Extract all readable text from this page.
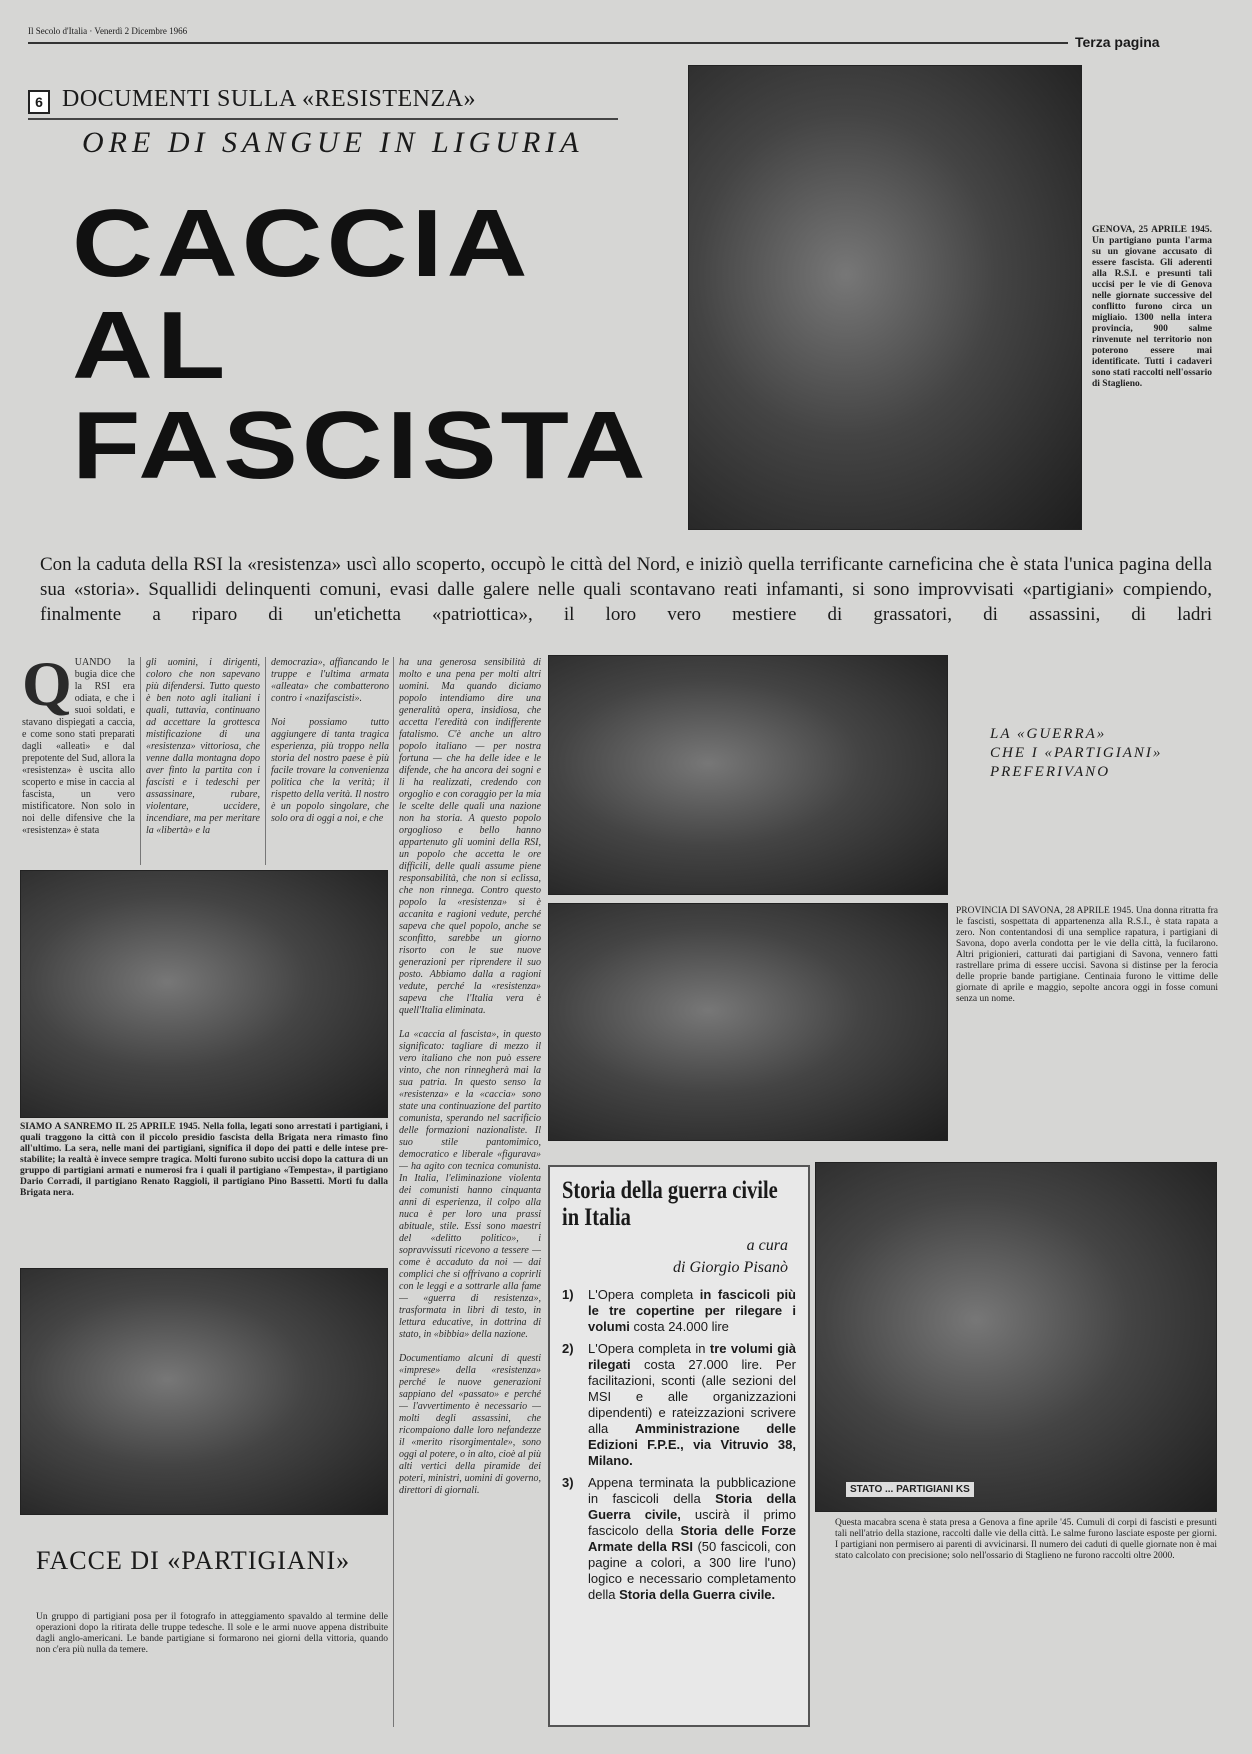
Il Secolo d'Italia · Venerdì 2 Dicembre 1966
Terza pagina
6 DOCUMENTI SULLA «RESISTENZA»
ORE DI SANGUE IN LIGURIA
CACCIA
AL
FASCISTA
GENOVA, 25 APRILE 1945. Un partigiano punta l'arma su un giovane accusato di essere fascista. Gli aderenti alla R.S.I. e presunti tali uccisi per le vie di Genova nelle giornate successive del conflitto furono circa un migliaio. 1300 nella intera provincia, 900 salme rinvenute nel territorio non poterono essere mai identificate. Tutti i cadaveri sono stati raccolti nell'ossario di Staglieno.
Con la caduta della RSI la «resistenza» uscì allo scoperto, occupò le città del Nord, e iniziò quella terrificante carneficina che è stata l'unica pagina della sua «storia». Squallidi delinquenti comuni, evasi dalle galere nelle quali scontavano reati infamanti, si sono improvvisati «partigiani» compiendo, finalmente a riparo di un'etichetta «patriottica», il loro vero mestiere di grassatori, di assassini, di ladri
QUANDO la bugia dice che la RSI era odiata, e che i suoi soldati, e stavano dispiegati a caccia, e come sono stati preparati dagli «alleati» e dal prepotente del Sud, allora la «resistenza» è uscita allo scoperto e mise in caccia al fascista, un vero mistificatore. Non solo in noi delle difensive che la «resistenza» è stata
gli uomini, i dirigenti, coloro che non sapevano più difendersi. Tutto questo è ben noto agli italiani i quali, tuttavia, continuano ad accettare la grottesca mistificazione di una «resistenza» vittoriosa, che venne dalla montagna dopo aver finto la partita con i fascisti e i tedeschi per assassinare, rubare, violentare, uccidere, incendiare, ma per meritare la «libertà» e la
democrazia», affiancando le truppe e l'ultima armata «alleata» che combatterono contro i «nazifascisti».

Noi possiamo tutto aggiungere di tanta tragica esperienza, più troppo nella storia del nostro paese è più facile trovare la convenienza politica che la verità; il rispetto della verità. Il nostro è un popolo singolare, che solo ora di oggi a noi, e che
ha una generosa sensibilità di molto e una pena per molti altri uomini. Ma quando diciamo popolo intendiamo dire una generalità opera, insidiosa, che accetta l'eredità con indifferente fatalismo. C'è anche un altro popolo italiano — per nostra fortuna — che ha delle idee e le difende, che ha ancora dei sogni e li ha realizzati, credendo con orgoglio e con coraggio per la mia le scelte delle quali una nazione non ha storia. A questo popolo orgoglioso e bello hanno appartenuto gli uomini della RSI, un popolo che accetta le ore difficili, delle quali assume piene responsabilità, che non si eclissa, che non rinnega. Contro questo popolo la «resistenza» si è accanita e ragioni vedute, perché sapeva che quel popolo, anche se sconfitto, sarebbe un giorno risorto con le sue nuove generazioni per riprendere il suo posto. Abbiamo dalla a ragioni vedute, perché la «resistenza» sapeva che l'Italia vera è quell'Italia eliminata.

La «caccia al fascista», in questo significato: tagliare di mezzo il vero italiano che non può essere vinto, che non rinnegherà mai la sua patria. In questo senso la «resistenza» e la «caccia» sono state una continuazione del partito comunista, sperando nel sacrificio delle formazioni nazionaliste. Il suo stile pantomimico, democratico e liberale «figurava» — ha agito con tecnica comunista. In Italia, l'eliminazione violenta dei comunisti hanno cinquanta anni di esperienza, il colpo alla nuca è per loro una prassi abituale, stile. Essi sono maestri del «delitto politico», i sopravvissuti ricevono a tessere — come è accaduto da noi — dai complici che si offrivano a coprirli con le leggi e a sottrarle alla fame — «guerra di resistenza», trasformata in libri di testo, in lettura educative, in dottrina di stato, in «bibbia» della nazione.

Documentiamo alcuni di questi «imprese» della «resistenza» perché le nuove generazioni sappiano del «passato» e perché — l'avvertimento è necessario — molti degli assassini, che ricompaiono dalle loro nefandezze il «merito risorgimentale», sono oggi al potere, o in alto, cioè al più alti vertici della piramide dei poteri, ministri, uomini di governo, direttori di giornali.
SIAMO A SANREMO IL 25 APRILE 1945. Nella folla, legati sono arrestati i partigiani, i quali traggono la città con il piccolo presidio fascista della Brigata nera rimasto fino all'ultimo. La sera, nelle mani dei partigiani, significa il dopo dei patti e delle intese pre-stabilite; la realtà è invece sempre tragica. Molti furono subito uccisi dopo la cattura di un gruppo di partigiani armati e numerosi fra i quali il partigiano «Tempesta», il partigiano Dario Corradi, il partigiano Renato Raggioli, il partigiano Pino Bassetti. Morti fu dalla Brigata nera.
FACCE DI «PARTIGIANI»
Un gruppo di partigiani posa per il fotografo in atteggiamento spavaldo al termine delle operazioni dopo la ritirata delle truppe tedesche. Il sole e le armi nuove appena distribuite dagli anglo-americani. Le bande partigiane si formarono nei giorni della vittoria, quando non c'era più nulla da temere.
LA «GUERRA»
CHE I «PARTIGIANI»
PREFERIVANO
PROVINCIA DI SAVONA, 28 APRILE 1945. Una donna ritratta fra le fascisti, sospettata di appartenenza alla R.S.I., è stata rapata a zero. Non contentandosi di una semplice rapatura, i partigiani di Savona, dopo averla condotta per le vie della città, la fucilarono. Altri prigionieri, catturati dai partigiani di Savona, vennero fatti rastrellare prima di essere uccisi. Savona si distinse per la ferocia delle proprie bande partigiane. Centinaia furono le vittime delle giornate di aprile e maggio, sepolte ancora oggi in fosse comuni senza un nome.
Storia della guerra civile in Italia
a cura
di Giorgio Pisanò
1)	L'Opera completa in fascicoli più le tre copertine per rilegare i volumi costa 24.000 lire
2)	L'Opera completa in tre volumi già rilegati costa 27.000 lire. Per facilitazioni, sconti (alle sezioni del MSI e alle organizzazioni dipendenti) e rateizzazioni scrivere alla Amministrazione delle Edizioni F.P.E., via Vitruvio 38, Milano.
3)	Appena terminata la pubblicazione in fascicoli della Storia della Guerra civile, uscirà il primo fascicolo della Storia delle Forze Armate della RSI (50 fascicoli, con pagine a colori, a 300 lire l'uno) logico e necessario completamento della Storia della Guerra civile.
STATO ... PARTIGIANI KS
Questa macabra scena è stata presa a Genova a fine aprile '45. Cumuli di corpi di fascisti e presunti tali nell'atrio della stazione, raccolti dalle vie della città. Le salme furono lasciate esposte per giorni. I partigiani non permisero ai parenti di avvicinarsi. Il numero dei caduti di quelle giornate non è mai stato calcolato con precisione; solo nell'ossario di Staglieno ne furono raccolti oltre 2000.
